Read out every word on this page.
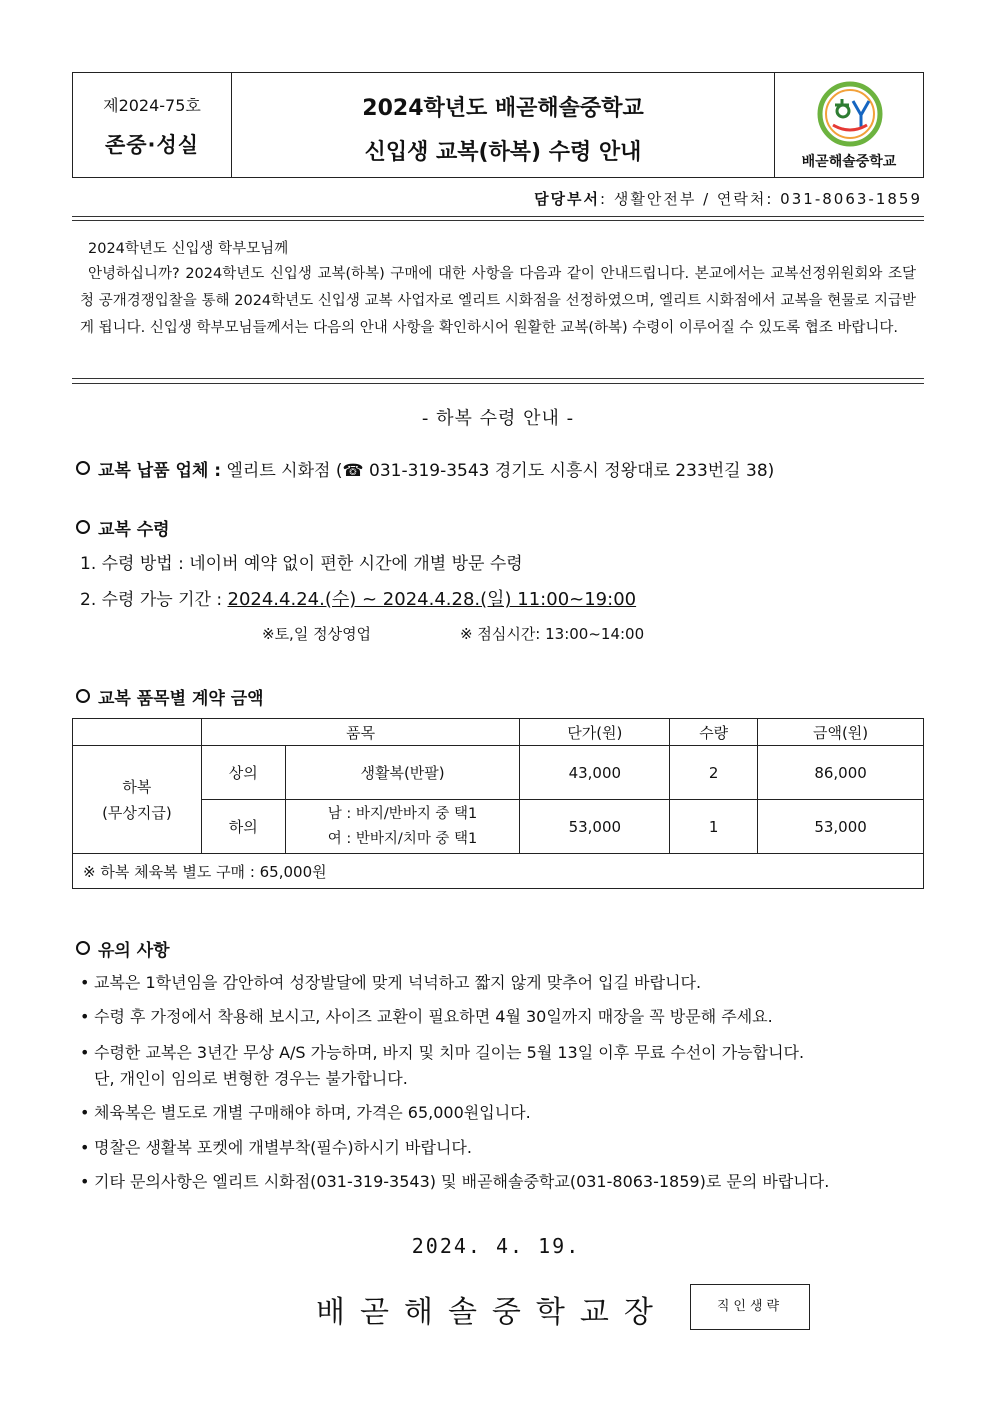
제2024-75호
존중·성실
2024학년도 배곧해솔중학교
신입생 교복(하복) 수령 안내	배곧해솔중학교
담당부서: 생활안전부 / 연락처: 031-8063-1859
2024학년도 신입생 학부모님께
안녕하십니까? 2024학년도 신입생 교복(하복) 구매에 대한 사항을 다음과 같이 안내드립니다. 본교에서는 교복선정위원회와 조달청 공개경쟁입찰을 통해 2024학년도 신입생 교복 사업자로 엘리트 시화점을 선정하였으며, 엘리트 시화점에서 교복을 현물로 지급받게 됩니다. 신입생 학부모님들께서는 다음의 안내 사항을 확인하시어 원활한 교복(하복) 수령이 이루어질 수 있도록 협조 바랍니다.
- 하복 수령 안내 -
교복 납품 업체 : 엘리트 시화점 (☎ 031-319-3543 경기도 시흥시 정왕대로 233번길 38)
교복 수령
1. 수령 방법 : 네이버 예약 없이 편한 시간에 개별 방문 수령
2. 수령 가능 기간 : 2024.4.24.(수) ~ 2024.4.28.(일) 11:00~19:00
※토,일 정상영업	※ 점심시간: 13:00~14:00
교복 품목별 계약 금액
	품목		단가(원)	수량	금액(원)

하복
(무상지급)	상의	생활복(반팔)	43,000	2	86,000
	하의	남 : 바지/반바지 중 택1
여 : 반바지/치마 중 택1	53,000	1	53,000
※ 하복 체육복 별도 구매 : 65,000원					
유의 사항
• 교복은 1학년임을 감안하여 성장발달에 맞게 넉넉하고 짧지 않게 맞추어 입길 바랍니다.
• 수령 후 가정에서 착용해 보시고, 사이즈 교환이 필요하면 4월 30일까지 매장을 꼭 방문해 주세요.
• 수령한 교복은 3년간 무상 A/S 가능하며, 바지 및 치마 길이는 5월 13일 이후 무료 수선이 가능합니다.
단, 개인이 임의로 변형한 경우는 불가합니다.
• 체육복은 별도로 개별 구매해야 하며, 가격은 65,000원입니다.
• 명찰은 생활복 포켓에 개별부착(필수)하시기 바랍니다.
• 기타 문의사항은 엘리트 시화점(031-319-3543) 및 배곧해솔중학교(031-8063-1859)로 문의 바랍니다.
2024. 4. 19.
배곧해솔중학교장	직인생략
